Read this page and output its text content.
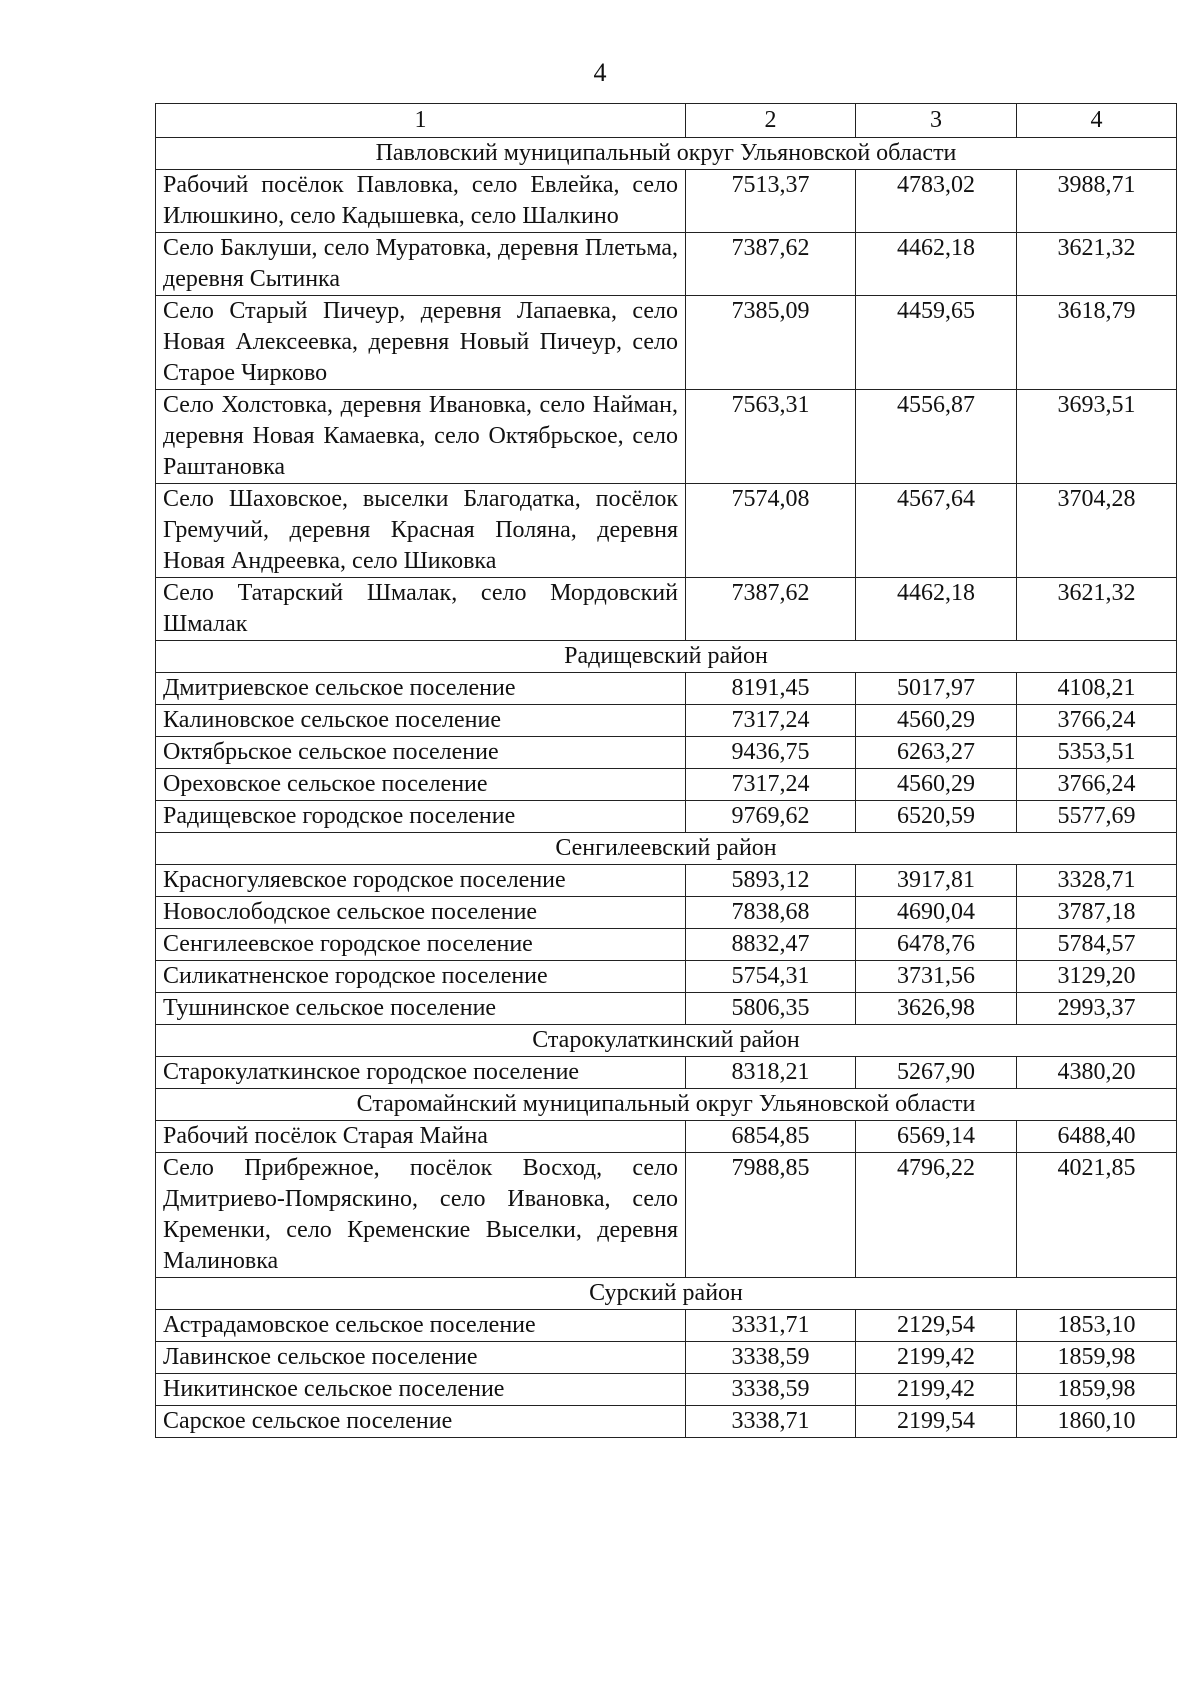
4
1	2	3	4
Павловский муниципальный округ Ульяновской области			
Рабочий посёлок Павловка, село Евлейка, село Илюшкино, село Кадышевка, село Шалкино	7513,37	4783,02	3988,71
Село Баклуши, село Муратовка, деревня Плетьма, деревня Сытинка	7387,62	4462,18	3621,32
Село Старый Пичеур, деревня Лапаевка, село Новая Алексеевка, деревня Новый Пичеур, село Старое Чирково	7385,09	4459,65	3618,79
Село Холстовка, деревня Ивановка, село Найман, деревня Новая Камаевка, село Октябрьское, село Раштановка	7563,31	4556,87	3693,51
Село Шаховское, выселки Благодатка, посёлок Гремучий, деревня Красная Поляна, деревня Новая Андреевка, село Шиковка	7574,08	4567,64	3704,28
Село Татарский Шмалак, село Мордовский Шмалак	7387,62	4462,18	3621,32
Радищевский район			
Дмитриевское сельское поселение	8191,45	5017,97	4108,21
Калиновское сельское поселение	7317,24	4560,29	3766,24
Октябрьское сельское поселение	9436,75	6263,27	5353,51
Ореховское сельское поселение	7317,24	4560,29	3766,24
Радищевское городское поселение	9769,62	6520,59	5577,69
Сенгилеевский район			
Красногуляевское городское поселение	5893,12	3917,81	3328,71
Новослободское сельское поселение	7838,68	4690,04	3787,18
Сенгилеевское городское поселение	8832,47	6478,76	5784,57
Силикатненское городское поселение	5754,31	3731,56	3129,20
Тушнинское сельское поселение	5806,35	3626,98	2993,37
Старокулаткинский район			
Старокулаткинское городское поселение	8318,21	5267,90	4380,20
Старомайнский муниципальный округ Ульяновской области			
Рабочий посёлок Старая Майна	6854,85	6569,14	6488,40
Село Прибрежное, посёлок Восход, село Дмитриево-Помряскино, село Ивановка, село Кременки, село Кременские Выселки, деревня Малиновка	7988,85	4796,22	4021,85
Сурский район			
Астрадамовское сельское поселение	3331,71	2129,54	1853,10
Лавинское сельское поселение	3338,59	2199,42	1859,98
Никитинское сельское поселение	3338,59	2199,42	1859,98
Сарское сельское поселение	3338,71	2199,54	1860,10
